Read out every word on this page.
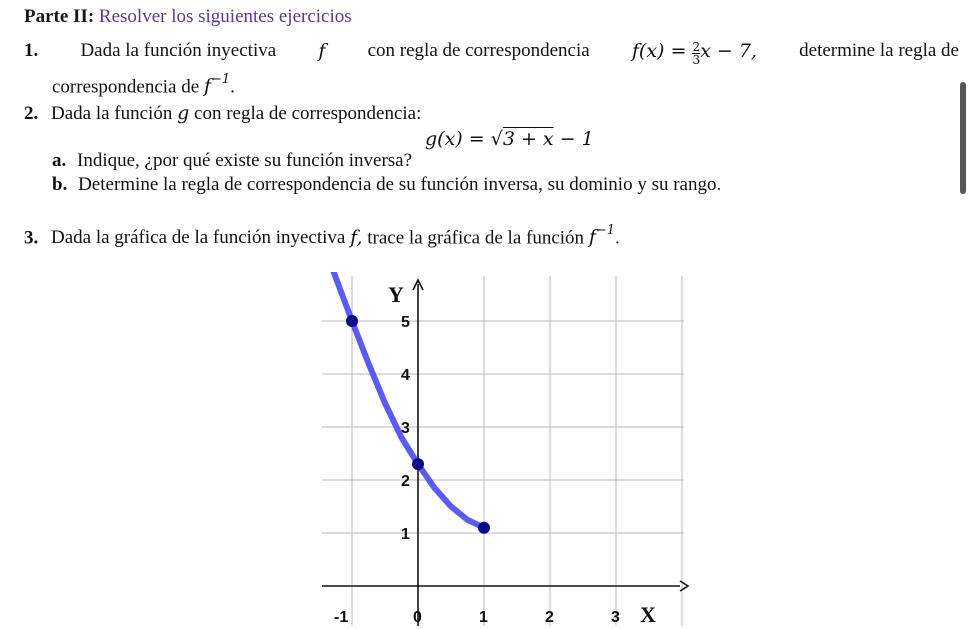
Parte II: Resolver los siguientes ejercicios
1. Dada la función inyectiva f con regla de correspondencia $f(x) = \frac{2}{3}$ x − 7, determine la regla de
correspondencia de $f^{-1}$.
2. Dada la función g con regla de correspondencia:
g(x) = √3 + x − 1
a. Indique, ¿por qué existe su función inversa?
b. Determine la regla de correspondencia de su función inversa, su dominio y su rango.
3. Dada la gráfica de la función inyectiva f, trace la gráfica de la función $f^{-1}$.
-1	0	1	2	3
1
2
3
4
5
X
Y
